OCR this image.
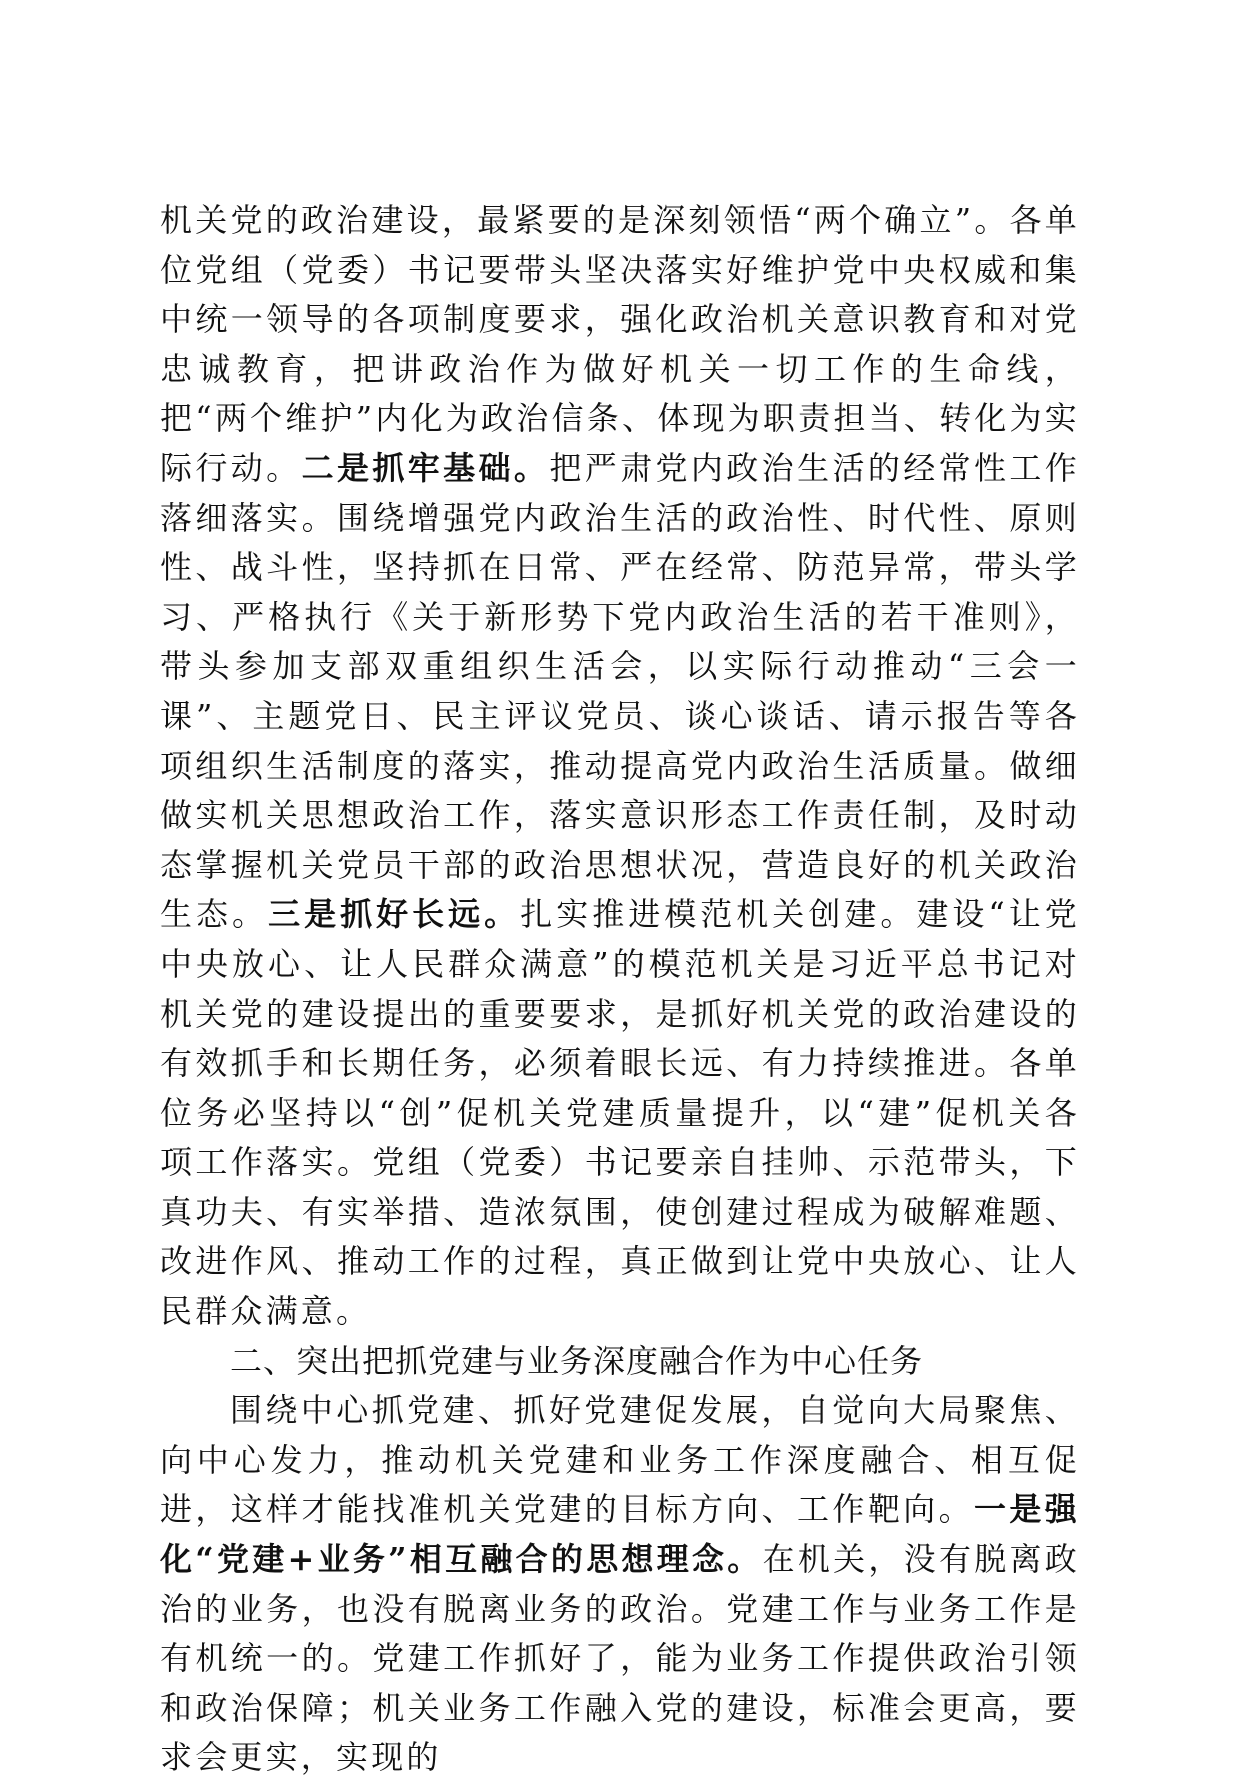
机关党的政治建设，最紧要的是深刻领悟“两个确立”。各单位党组（党委）书记要带头坚决落实好维护党中央权威和集中统一领导的各项制度要求，强化政治机关意识教育和对党忠诚教育，把讲政治作为做好机关一切工作的生命线，把“两个维护”内化为政治信条、体现为职责担当、转化为实际行动。二是抓牢基础。把严肃党内政治生活的经常性工作落细落实。围绕增强党内政治生活的政治性、时代性、原则性、战斗性，坚持抓在日常、严在经常、防范异常，带头学习、严格执行《关于新形势下党内政治生活的若干准则》，带头参加支部双重组织生活会，以实际行动推动“三会一课”、主题党日、民主评议党员、谈心谈话、请示报告等各项组织生活制度的落实，推动提高党内政治生活质量。做细做实机关思想政治工作，落实意识形态工作责任制，及时动态掌握机关党员干部的政治思想状况，营造良好的机关政治生态。三是抓好长远。扎实推进模范机关创建。建设“让党中央放心、让人民群众满意”的模范机关是习近平总书记对机关党的建设提出的重要要求，是抓好机关党的政治建设的有效抓手和长期任务，必须着眼长远、有力持续推进。各单位务必坚持以“创”促机关党建质量提升，以“建”促机关各项工作落实。党组（党委）书记要亲自挂帅、示范带头，下真功夫、有实举措、造浓氛围，使创建过程成为破解难题、改进作风、推动工作的过程，真正做到让党中央放心、让人民群众满意。

二、突出把抓党建与业务深度融合作为中心任务

围绕中心抓党建、抓好党建促发展，自觉向大局聚焦、向中心发力，推动机关党建和业务工作深度融合、相互促进，这样才能找准机关党建的目标方向、工作靶向。一是强化“党建+业务”相互融合的思想理念。在机关，没有脱离政治的业务，也没有脱离业务的政治。党建工作与业务工作是有机统一的。党建工作抓好了，能为业务工作提供政治引领和政治保障；机关业务工作融入党的建设，标准会更高，要求会更实，实现的
